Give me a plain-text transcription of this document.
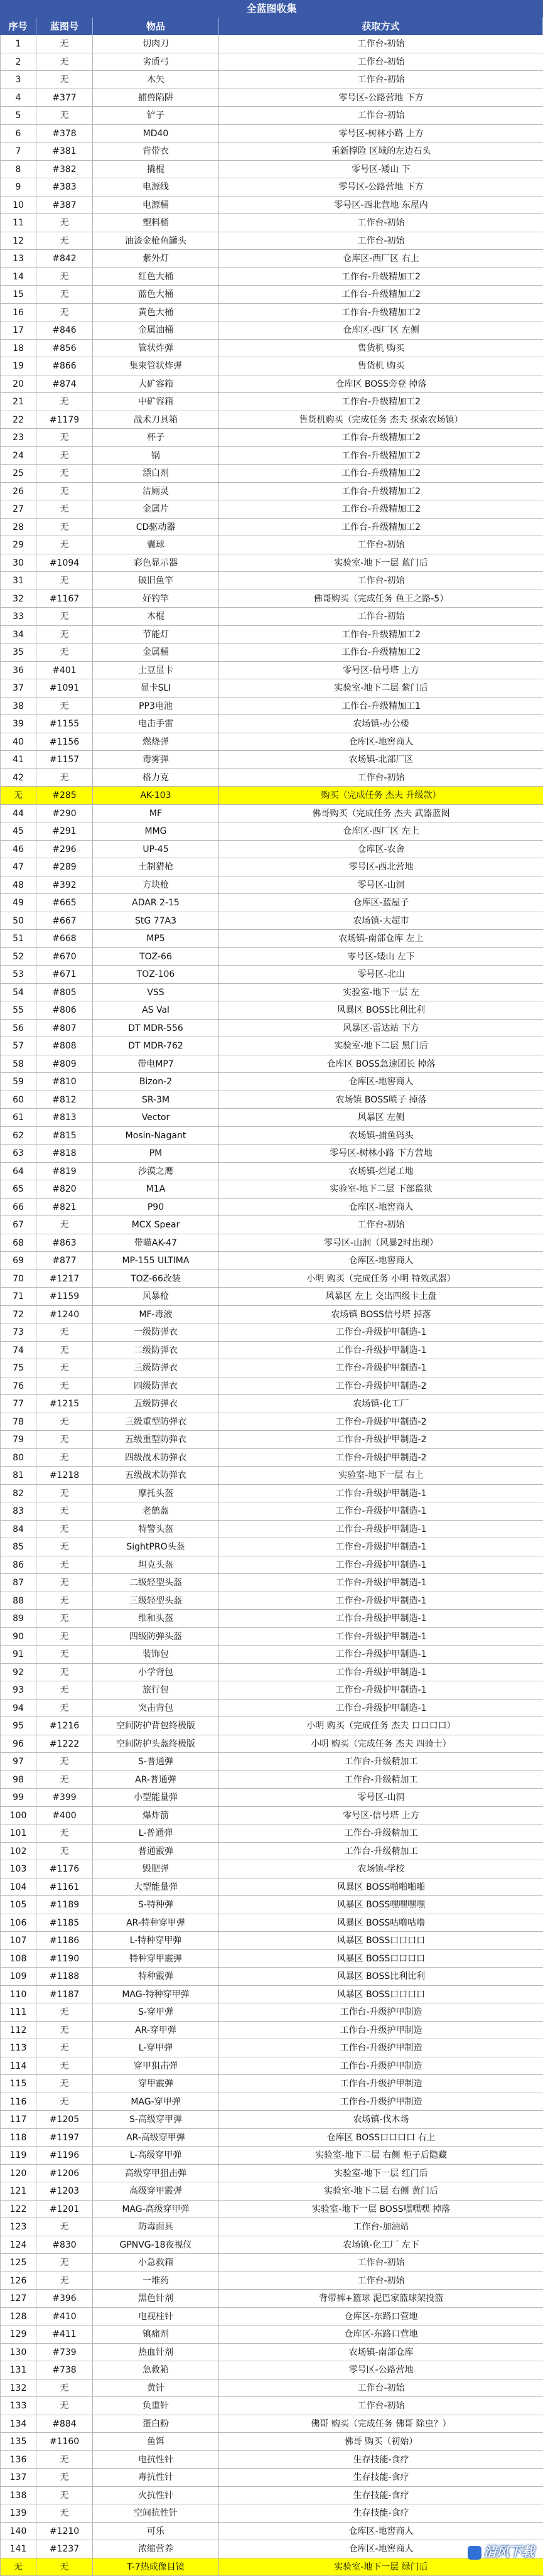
全蓝图收集
序号	蓝图号	物品	获取方式
1	无	切肉刀	工作台-初始
2	无	劣质弓	工作台-初始
3	无	木矢	工作台-初始
4	#377	捕兽陷阱	零号区-公路营地 下方
5	无	铲子	工作台-初始
6	#378	MD40	零号区-树林小路 上方
7	#381	背带衣	重新撑险 区域的左边石头
8	#382	撬棍	零号区-矮山 下
9	#383	电源线	零号区-公路营地 下方
10	#387	电源桶	零号区-西北营地 东屋内
11	无	塑料桶	工作台-初始
12	无	油漆金枪鱼罐头	工作台-初始
13	#842	紫外灯	仓库区-西厂区 右上
14	无	红色大桶	工作台-升级精加工2
15	无	蓝色大桶	工作台-升级精加工2
16	无	黄色大桶	工作台-升级精加工2
17	#846	金属油桶	仓库区-西厂区 左侧
18	#856	管状炸弹	售货机 购买
19	#866	集束管状炸弹	售货机 购买
20	#874	大矿容箱	仓库区 BOSS旁登 掉落
21	无	中矿容箱	工作台-升级精加工2
22	#1179	战术刀具箱	售货机购买（完成任务 杰夫 探索农场镇）
23	无	杯子	工作台-升级精加工2
24	无	锅	工作台-升级精加工2
25	无	漂白剂	工作台-升级精加工2
26	无	洁厕灵	工作台-升级精加工2
27	无	金属片	工作台-升级精加工2
28	无	CD驱动器	工作台-升级精加工2
29	无	囊球	工作台-初始
30	#1094	彩色显示器	实验室-地下一层 蓝门后
31	无	破旧鱼竿	工作台-初始
32	#1167	好钓竿	佛哥购买（完成任务 鱼王之路-5）
33	无	木棍	工作台-初始
34	无	节能灯	工作台-升级精加工2
35	无	金属桶	工作台-升级精加工2
36	#401	土豆显卡	零号区-信号塔 上方
37	#1091	显卡SLI	实验室-地下二层 紫门后
38	无	PP3电池	工作台-升级精加工1
39	#1155	电击手雷	农场镇-办公楼
40	#1156	燃烧弹	仓库区-地窖商人
41	#1157	毒雾弹	农场镇-北部厂区
42	无	格力克	工作台-初始
无	#285	AK-103	购买（完成任务 杰夫 升级款）
44	#290	MF	佛哥购买（完成任务 杰夫 武器蓝图
45	#291	MMG	仓库区-西厂区 左上
46	#296	UP-45	仓库区-农舍
47	#289	土制猎枪	零号区-西北营地
48	#392	方块枪	零号区-山洞
49	#665	ADAR 2-15	仓库区-蓝屋子
50	#667	StG 77A3	农场镇-大超市
51	#668	MP5	农场镇-南部仓库 左上
52	#670	TOZ-66	零号区-矮山 左下
53	#671	TOZ-106	零号区-北山
54	#805	VSS	实验室-地下一层 左
55	#806	AS Val	风暴区 BOSS比利比利
56	#807	DT MDR-556	风暴区-雷达站 下方
57	#808	DT MDR-762	实验室-地下二层 黑门后
58	#809	带电MP7	仓库区 BOSS急速团长 掉落
59	#810	Bizon-2	仓库区-地窖商人
60	#812	SR-3M	农场镇 BOSS喷子 掉落
61	#813	Vector	风暴区 左侧
62	#815	Mosin-Nagant	农场镇-捕鱼码头
63	#818	PM	零号区-树林小路 下方营地
64	#819	沙漠之鹰	农场镇-烂尾工地
65	#820	M1A	实验室-地下二层 下部监狱
66	#821	P90	仓库区-地窖商人
67	无	MCX Spear	工作台-初始
68	#863	带瞄AK-47	零号区-山洞（风暴2时出现）
69	#877	MP-155 ULTIMA	仓库区-地窖商人
70	#1217	TOZ-66改装	小明 购买（完成任务 小明 特效武器）
71	#1159	风暴枪	风暴区 左上 交出四级卡土盘
72	#1240	MF-毒液	农场镇 BOSS信号塔 掉落
73	无	一级防弹衣	工作台-升级护甲制造-1
74	无	二级防弹衣	工作台-升级护甲制造-1
75	无	三级防弹衣	工作台-升级护甲制造-1
76	无	四级防弹衣	工作台-升级护甲制造-2
77	#1215	五级防弹衣	农场镇-化工厂
78	无	三级重型防弹衣	工作台-升级护甲制造-2
79	无	五级重型防弹衣	工作台-升级护甲制造-2
80	无	四级战术防弹衣	工作台-升级护甲制造-2
81	#1218	五级战术防弹衣	实验室-地下一层 右上
82	无	摩托头盔	工作台-升级护甲制造-1
83	无	老鹤盔	工作台-升级护甲制造-1
84	无	特警头盔	工作台-升级护甲制造-1
85	无	SightPRO头盔	工作台-升级护甲制造-1
86	无	坦克头盔	工作台-升级护甲制造-1
87	无	二级轻型头盔	工作台-升级护甲制造-1
88	无	三级轻型头盔	工作台-升级护甲制造-1
89	无	维和头盔	工作台-升级护甲制造-1
90	无	四级防弹头盔	工作台-升级护甲制造-1
91	无	装饰包	工作台-升级护甲制造-1
92	无	小学背包	工作台-升级护甲制造-1
93	无	旅行包	工作台-升级护甲制造-1
94	无	突击背包	工作台-升级护甲制造-1
95	#1216	空间防护背包终极版	小明 购买（完成任务 杰夫 口口口口）
96	#1222	空间防护头盔终极版	小明 购买（完成任务 杰夫 四骑士）
97	无	S-普通弹	工作台-升级精加工
98	无	AR-普通弹	工作台-升级精加工
99	#399	小型能量弹	零号区-山洞
100	#400	爆炸箭	零号区-信号塔 上方
101	无	L-普通弹	工作台-升级精加工
102	无	普通霰弹	工作台-升级精加工
103	#1176	毁肥弹	农场镇-学校
104	#1161	大型能量弹	风暴区 BOSS啪啪啪啪
105	#1189	S-特种弹	风暴区 BOSS嘿嘿嘿嘿
106	#1185	AR-特种穿甲弹	风暴区 BOSS咕噜咕噜
107	#1186	L-特种穿甲弹	风暴区 BOSS口口口口
108	#1190	特种穿甲霰弹	风暴区 BOSS口口口口
109	#1188	特种霰弹	风暴区 BOSS比利比利
110	#1187	MAG-特种穿甲弹	风暴区 BOSS口口口口
111	无	S-穿甲弹	工作台-升级护甲制造
112	无	AR-穿甲弹	工作台-升级护甲制造
113	无	L-穿甲弹	工作台-升级护甲制造
114	无	穿甲狙击弹	工作台-升级护甲制造
115	无	穿甲霰弹	工作台-升级护甲制造
116	无	MAG-穿甲弹	工作台-升级护甲制造
117	#1205	S-高级穿甲弹	农场镇-伐木场
118	#1197	AR-高级穿甲弹	仓库区 BOSS口口口口 右上
119	#1196	L-高级穿甲弹	实验室-地下二层 右侧 柜子后隐藏
120	#1206	高级穿甲狙击弹	实验室-地下一层 红门后
121	#1203	高级穿甲霰弹	实验室-地下二层 右侧 黄门后
122	#1201	MAG-高级穿甲弹	实验室-地下一层 BOSS嘿嘿嘿 掉落
123	无	防毒面具	工作台-加油站
124	#830	GPNVG-18夜视仪	农场镇-化工厂 左下
125	无	小急救箱	工作台-初始
126	无	一堆药	工作台-初始
127	#396	黑色针剂	背带裤+篮球 泥巴家篮球架投篮
128	#410	电视柱针	仓库区-东路口营地
129	#411	镇痛剂	仓库区-东路口营地
130	#739	热血针剂	农场镇-南部仓库
131	#738	急救箱	零号区-公路营地
132	无	黄针	工作台-初始
133	无	负重针	工作台-初始
134	#884	蛋白粉	佛哥 购买（完成任务 佛哥 除虫？）
135	#1160	鱼饵	佛哥 购买（初始）
136	无	电抗性针	生存技能-食疗
137	无	毒抗性针	生存技能-食疗
138	无	火抗性针	生存技能-食疗
139	无	空间抗性针	生存技能-食疗
140	#1210	可乐	仓库区-地窖商人
141	#1237	浓缩营养	仓库区-地窖商人
无	无	T-7热成像目镜	实验室-地下一层 绿门后	清风下载
